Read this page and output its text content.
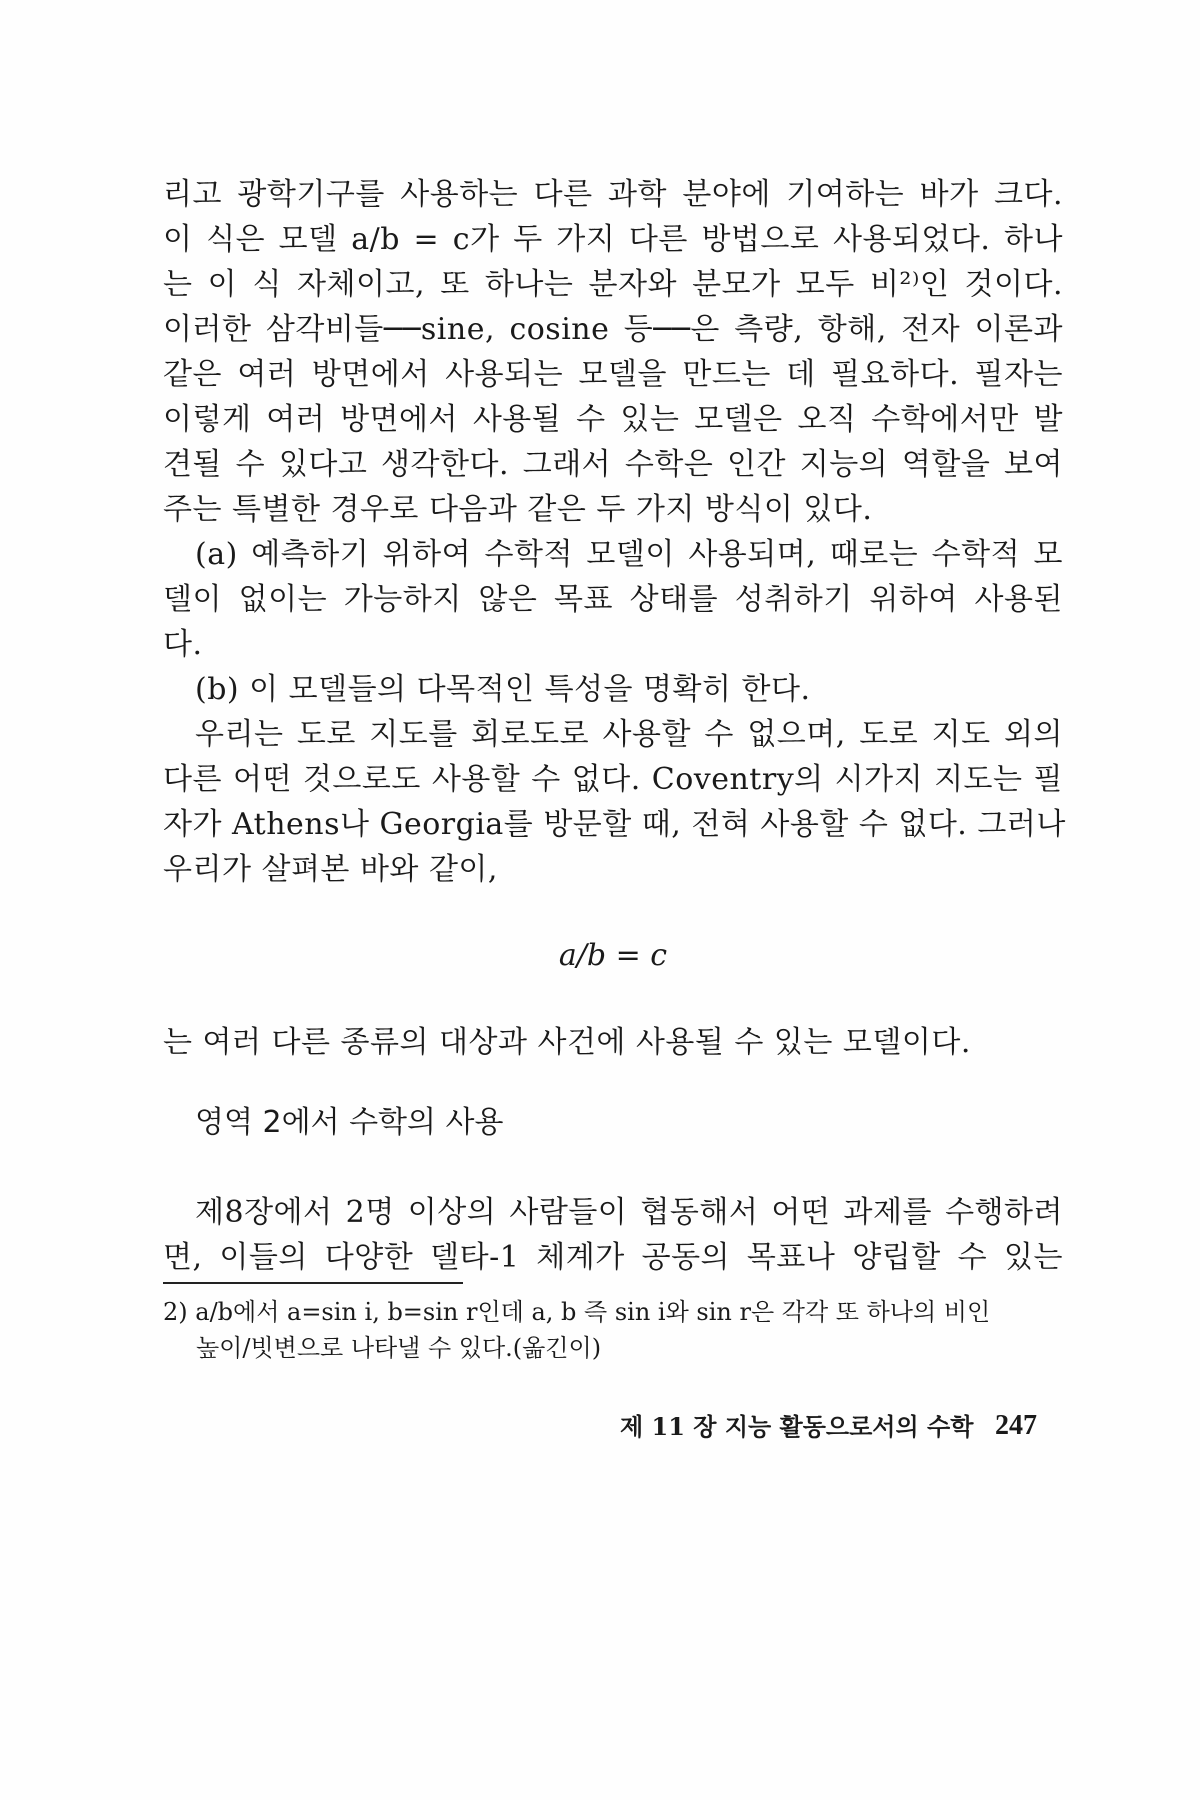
리고 광학기구를 사용하는 다른 과학 분야에 기여하는 바가 크다.
이 식은 모델 a/b = c가 두 가지 다른 방법으로 사용되었다. 하나
는 이 식 자체이고, 또 하나는 분자와 분모가 모두 비²⁾인 것이다.
이러한 삼각비들──sine, cosine 등──은 측량, 항해, 전자 이론과
같은 여러 방면에서 사용되는 모델을 만드는 데 필요하다. 필자는
이렇게 여러 방면에서 사용될 수 있는 모델은 오직 수학에서만 발
견될 수 있다고 생각한다. 그래서 수학은 인간 지능의 역할을 보여
주는 특별한 경우로 다음과 같은 두 가지 방식이 있다.
(a) 예측하기 위하여 수학적 모델이 사용되며, 때로는 수학적 모
델이 없이는 가능하지 않은 목표 상태를 성취하기 위하여 사용된
다.
(b) 이 모델들의 다목적인 특성을 명확히 한다.
우리는 도로 지도를 회로도로 사용할 수 없으며, 도로 지도 외의
다른 어떤 것으로도 사용할 수 없다. Coventry의 시가지 지도는 필
자가 Athens나 Georgia를 방문할 때, 전혀 사용할 수 없다. 그러나
우리가 살펴본 바와 같이,
a/b = c
는 여러 다른 종류의 대상과 사건에 사용될 수 있는 모델이다.
영역 2에서 수학의 사용
제8장에서 2명 이상의 사람들이 협동해서 어떤 과제를 수행하려
면, 이들의 다양한 델타-1 체계가 공동의 목표나 양립할 수 있는
2) a/b에서 a=sin i, b=sin r인데 a, b 즉 sin i와 sin r은 각각 또 하나의 비인
높이/빗변으로 나타낼 수 있다.(옮긴이)
제 11 장 지능 활동으로서의 수학 247
